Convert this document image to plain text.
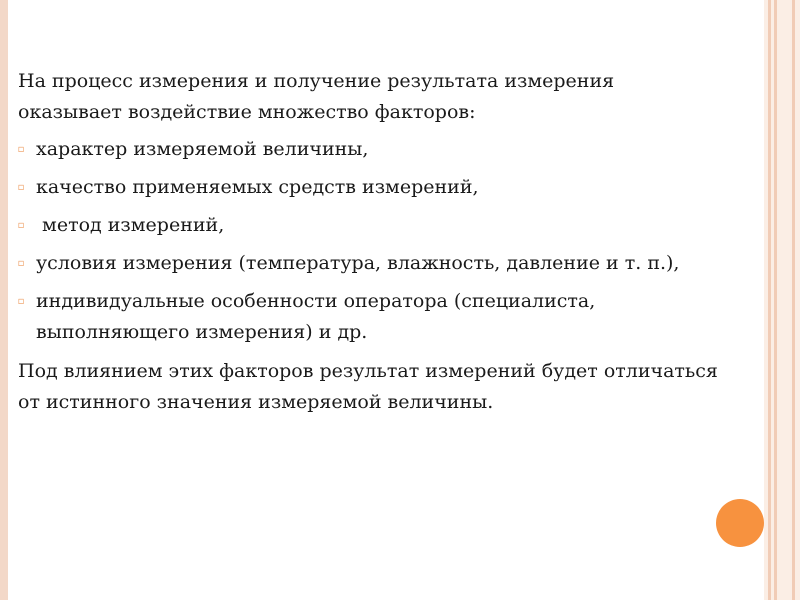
На процесс измерения и получение результата измерения оказывает воздействие множество факторов:

▫ характер измеряемой величины,
▫ качество применяемых средств измерений,
▫ метод измерений,
▫ условия измерения (температура, влажность, давление и т. п.),
▫ индивидуальные особенности оператора (специалиста, выполняющего измерения) и др.

Под влиянием этих факторов результат измерений будет отличаться от истинного значения измеряемой величины.
